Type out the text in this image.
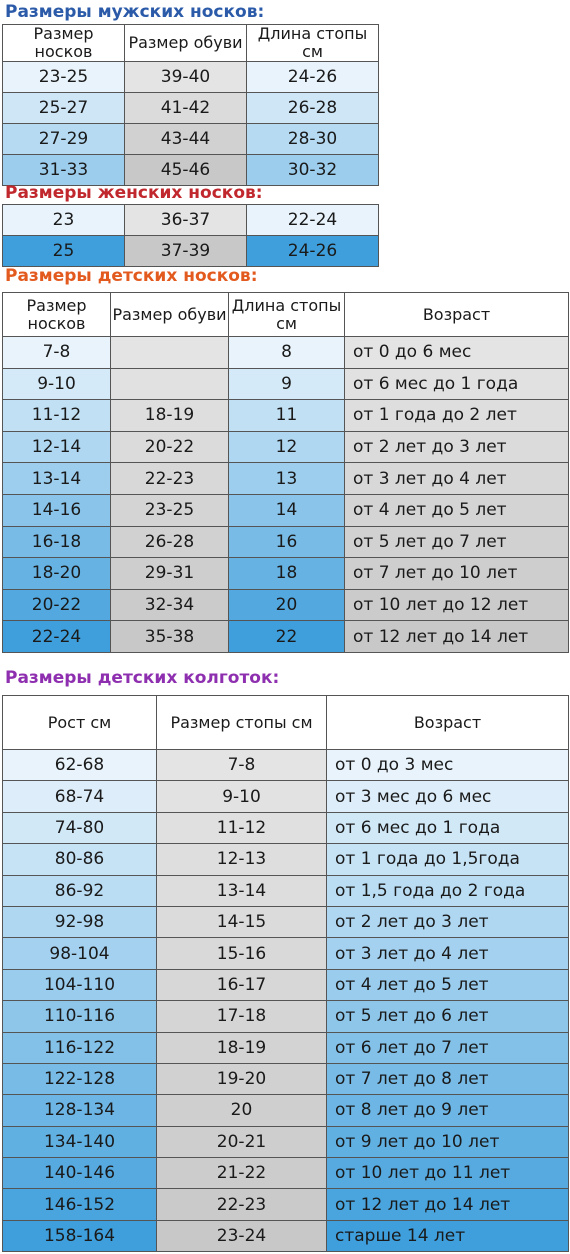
Размеры мужских носков:
Размер носков	Размер обуви	Длина стопы см
23-25	39-40	24-26
25-27	41-42	26-28
27-29	43-44	28-30
31-33	45-46	30-32
Размеры женских носков:
23	36-37	22-24
25	37-39	24-26
Размеры детских носков:
Размер носков	Размер обуви	Длина стопы см	Возраст
7-8		8	от 0 до 6 мес
9-10		9	от 6 мес до 1 года
11-12	18-19	11	от 1 года до 2 лет
12-14	20-22	12	от 2 лет до 3 лет
13-14	22-23	13	от 3 лет до 4 лет
14-16	23-25	14	от 4 лет до 5 лет
16-18	26-28	16	от 5 лет до 7 лет
18-20	29-31	18	от 7 лет до 10 лет
20-22	32-34	20	от 10 лет до 12 лет
22-24	35-38	22	от 12 лет до 14 лет
Размеры детских колготок:
Рост см	Размер стопы см	Возраст
62-68	7-8	от 0 до 3 мес
68-74	9-10	от 3 мес до 6 мес
74-80	11-12	от 6 мес до 1 года
80-86	12-13	от 1 года до 1,5года
86-92	13-14	от 1,5 года до 2 года
92-98	14-15	от 2 лет до 3 лет
98-104	15-16	от 3 лет до 4 лет
104-110	16-17	от 4 лет до 5 лет
110-116	17-18	от 5 лет до 6 лет
116-122	18-19	от 6 лет до 7 лет
122-128	19-20	от 7 лет до 8 лет
128-134	20	от 8 лет до 9 лет
134-140	20-21	от 9 лет до 10 лет
140-146	21-22	от 10 лет до 11 лет
146-152	22-23	от 12 лет до 14 лет
158-164	23-24	старше 14 лет
